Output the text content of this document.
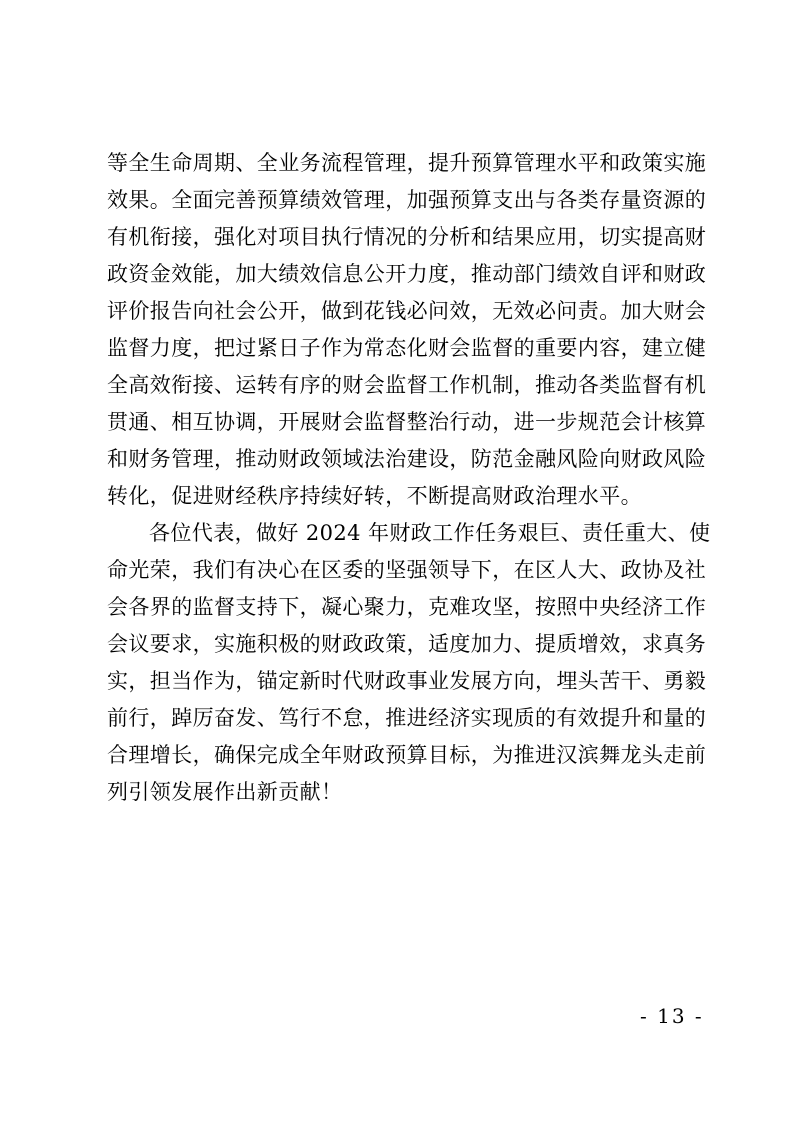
等全生命周期、全业务流程管理，提升预算管理水平和政策实施
效果。全面完善预算绩效管理，加强预算支出与各类存量资源的
有机衔接，强化对项目执行情况的分析和结果应用，切实提高财
政资金效能，加大绩效信息公开力度，推动部门绩效自评和财政
评价报告向社会公开，做到花钱必问效，无效必问责。加大财会
监督力度，把过紧日子作为常态化财会监督的重要内容，建立健
全高效衔接、运转有序的财会监督工作机制，推动各类监督有机
贯通、相互协调，开展财会监督整治行动，进一步规范会计核算
和财务管理，推动财政领域法治建设，防范金融风险向财政风险
转化，促进财经秩序持续好转，不断提高财政治理水平。

各位代表，做好 2024 年财政工作任务艰巨、责任重大、使
命光荣，我们有决心在区委的坚强领导下，在区人大、政协及社
会各界的监督支持下，凝心聚力，克难攻坚，按照中央经济工作
会议要求，实施积极的财政政策，适度加力、提质增效，求真务
实，担当作为，锚定新时代财政事业发展方向，埋头苦干、勇毅
前行，踔厉奋发、笃行不怠，推进经济实现质的有效提升和量的
合理增长，确保完成全年财政预算目标，为推进汉滨舞龙头走前
列引领发展作出新贡献！

- 13 -
